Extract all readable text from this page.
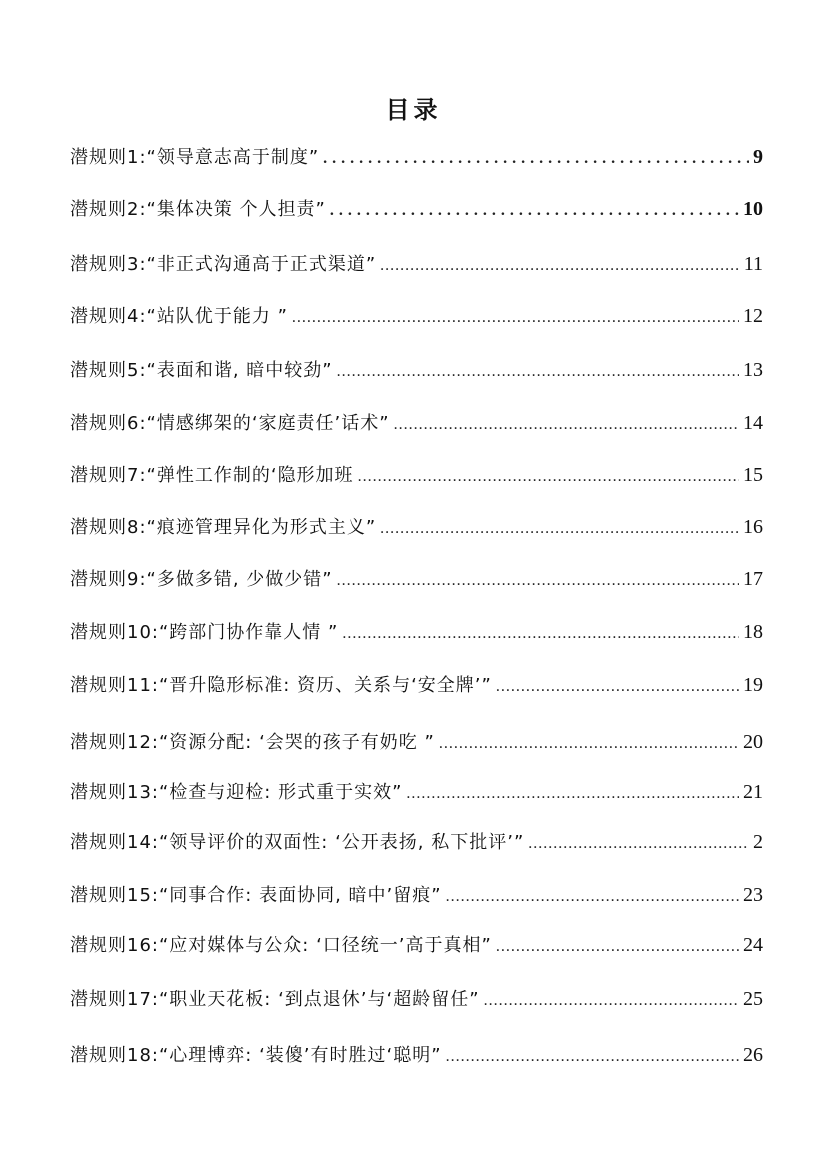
目录
潜规则1:“领导意志高于制度” .....	9
潜规则2:“集体决策 个人担责” .....	10
潜规则3:“非正式沟通高于正式渠道” .....	11
潜规则4:“站队优于能力 ” .....	12
潜规则5:“表面和谐, 暗中较劲” .....	13
潜规则6:“情感绑架的‘家庭责任’话术” .....	14
潜规则7:“弹性工作制的‘隐形加班 .....	15
潜规则8:“痕迹管理异化为形式主义” .....	16
潜规则9:“多做多错, 少做少错” .....	17
潜规则10:“跨部门协作靠人情 ” .....	18
潜规则11:“晋升隐形标准: 资历、关系与‘安全牌’” .....	19
潜规则12:“资源分配: ‘会哭的孩子有奶吃 ” .....	20
潜规则13:“检查与迎检: 形式重于实效” .....	21
潜规则14:“领导评价的双面性: ‘公开表扬, 私下批评’” .....	2
潜规则15:“同事合作: 表面协同, 暗中’留痕” .....	23
潜规则16:“应对媒体与公众: ‘口径统一’高于真相” .....	24
潜规则17:“职业天花板: ‘到点退休’与‘超龄留任” .....	25
潜规则18:“心理博弈: ‘装傻’有时胜过‘聪明” .....	26
